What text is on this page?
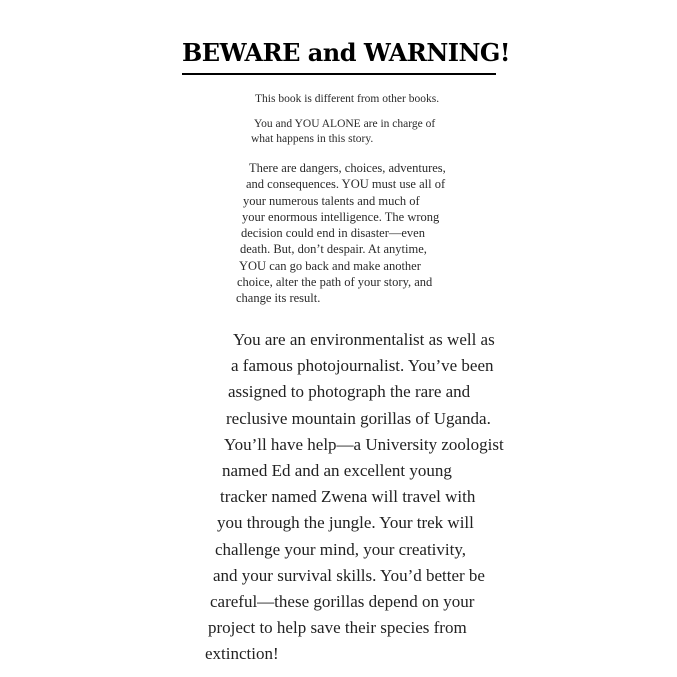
BEWARE and WARNING!
This book is different from other books.
You and YOU ALONE are in charge of
what happens in this story.
There are dangers, choices, adventures,
and consequences. YOU must use all of
your numerous talents and much of
your enormous intelligence. The wrong
decision could end in disaster—even
death. But, don’t despair. At anytime,
YOU can go back and make another
choice, alter the path of your story, and
change its result.
You are an environmentalist as well as
a famous photojournalist. You’ve been
assigned to photograph the rare and
reclusive mountain gorillas of Uganda.
You’ll have help—a University zoologist
named Ed and an excellent young
tracker named Zwena will travel with
you through the jungle. Your trek will
challenge your mind, your creativity,
and your survival skills. You’d better be
careful—these gorillas depend on your
project to help save their species from
extinction!
